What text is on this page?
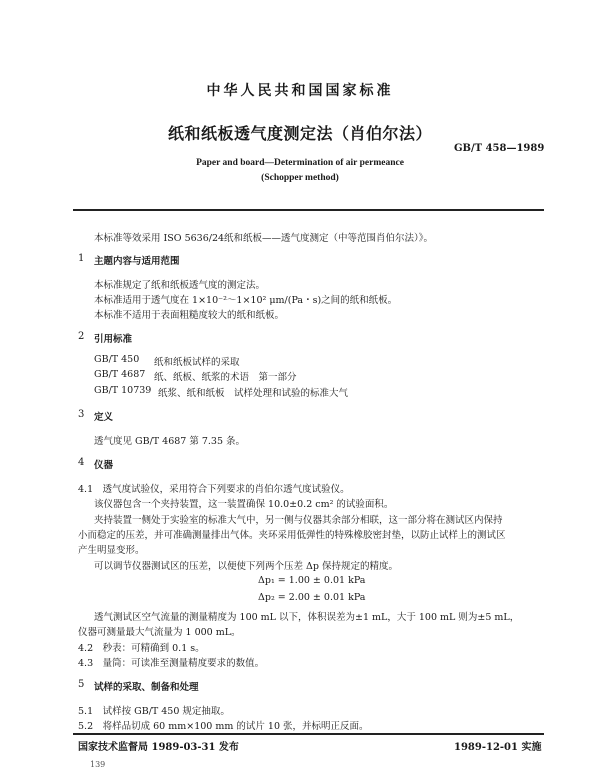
中华人民共和国国家标准
纸和纸板透气度测定法（肖伯尔法）
GB/T 458—1989
Paper and board—Determination of air permeance
(Schopper method)
本标准等效采用 ISO 5636/24纸和纸板——透气度测定（中等范围肖伯尔法）》。
1 主题内容与适用范围
本标准规定了纸和纸板透气度的测定法。
本标准适用于透气度在 1×10⁻²～1×10² μm/(Pa・s)之间的纸和纸板。
本标准不适用于表面粗糙度较大的纸和纸板。
2 引用标准
GB/T 450 纸和纸板试样的采取
GB/T 4687 纸、纸板、纸浆的术语　第一部分
GB/T 10739 纸浆、纸和纸板　试样处理和试验的标准大气
3 定义
透气度见 GB/T 4687 第 7.35 条。
4 仪器
4.1　透气度试验仪，采用符合下列要求的肖伯尔透气度试验仪。
该仪器包含一个夹持装置，这一装置确保 10.0±0.2 cm² 的试验面积。
夹持装置一侧处于实验室的标准大气中，另一侧与仪器其余部分相联，这一部分将在测试区内保持
小而稳定的压差，并可准确测量排出气体。夹环采用低弹性的特殊橡胶密封垫，以防止试样上的测试区
产生明显变形。
可以调节仪器测试区的压差，以便使下列两个压差 Δp 保持规定的精度。
Δp₁ = 1.00 ± 0.01 kPa
Δp₂ = 2.00 ± 0.01 kPa
透气测试区空气流量的测量精度为 100 mL 以下，体积误差为±1 mL，大于 100 mL 则为±5 mL，
仪器可测量最大气流量为 1 000 mL。
4.2　秒表：可精确到 0.1 s。
4.3　量筒：可读准至测量精度要求的数值。
5 试样的采取、制备和处理
5.1　试样按 GB/T 450 规定抽取。
5.2　将样品切成 60 mm×100 mm 的试片 10 张，并标明正反面。
国家技术监督局 1989-03-31 发布	1989-12-01 实施
139
